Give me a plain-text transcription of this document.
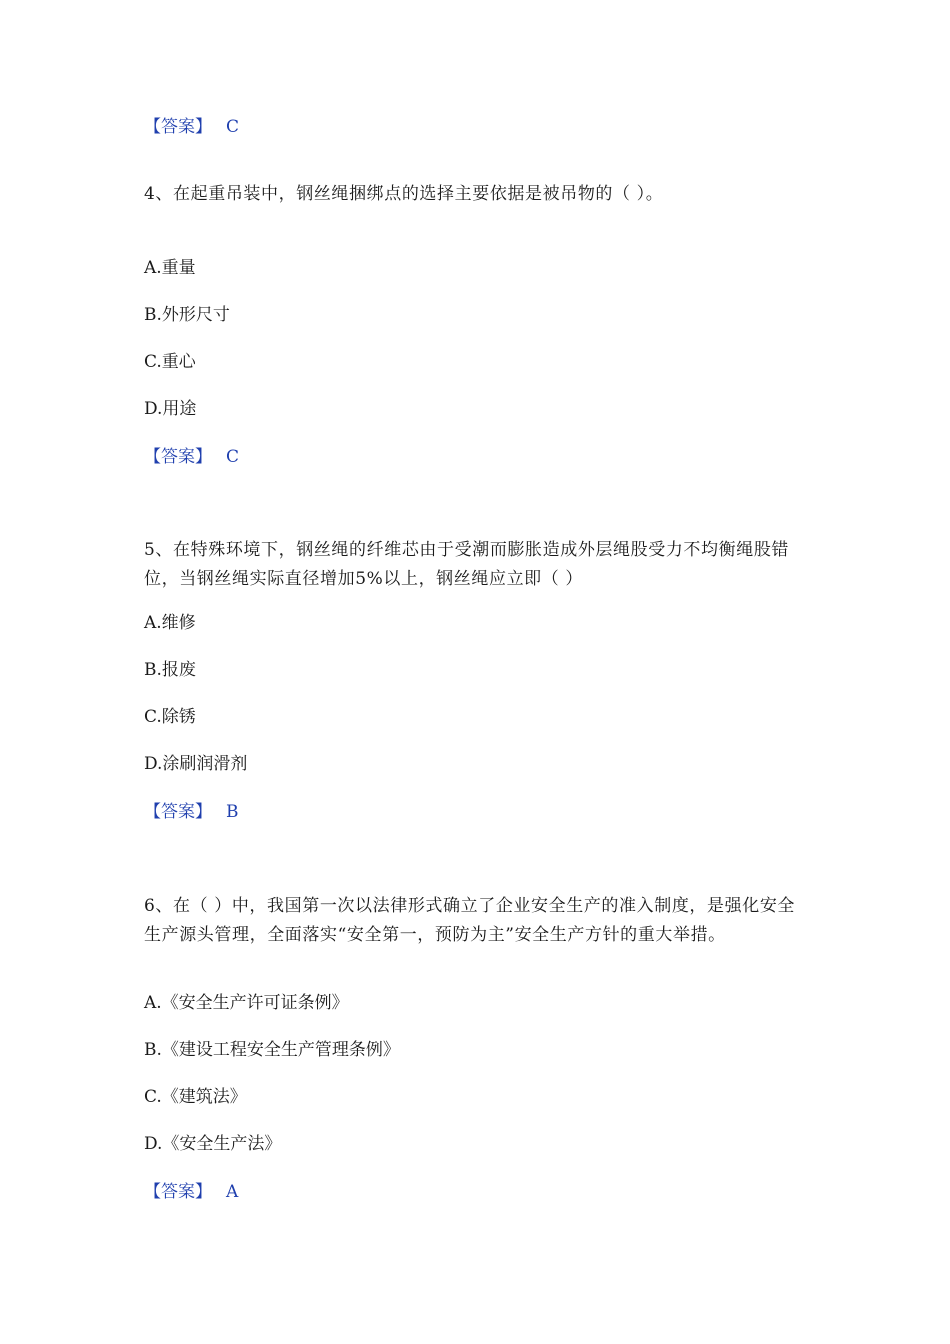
【答案】 C
4、在起重吊装中，钢丝绳捆绑点的选择主要依据是被吊物的（ ）。
A.重量
B.外形尺寸
C.重心
D.用途
【答案】 C
5、在特殊环境下，钢丝绳的纤维芯由于受潮而膨胀造成外层绳股受力不均衡绳股错位，当钢丝绳实际直径增加5%以上，钢丝绳应立即（ ）
A.维修
B.报废
C.除锈
D.涂刷润滑剂
【答案】 B
6、在（ ）中，我国第一次以法律形式确立了企业安全生产的准入制度，是强化安全生产源头管理，全面落实“安全第一，预防为主”安全生产方针的重大举措。
A.《安全生产许可证条例》
B.《建设工程安全生产管理条例》
C.《建筑法》
D.《安全生产法》
【答案】 A
